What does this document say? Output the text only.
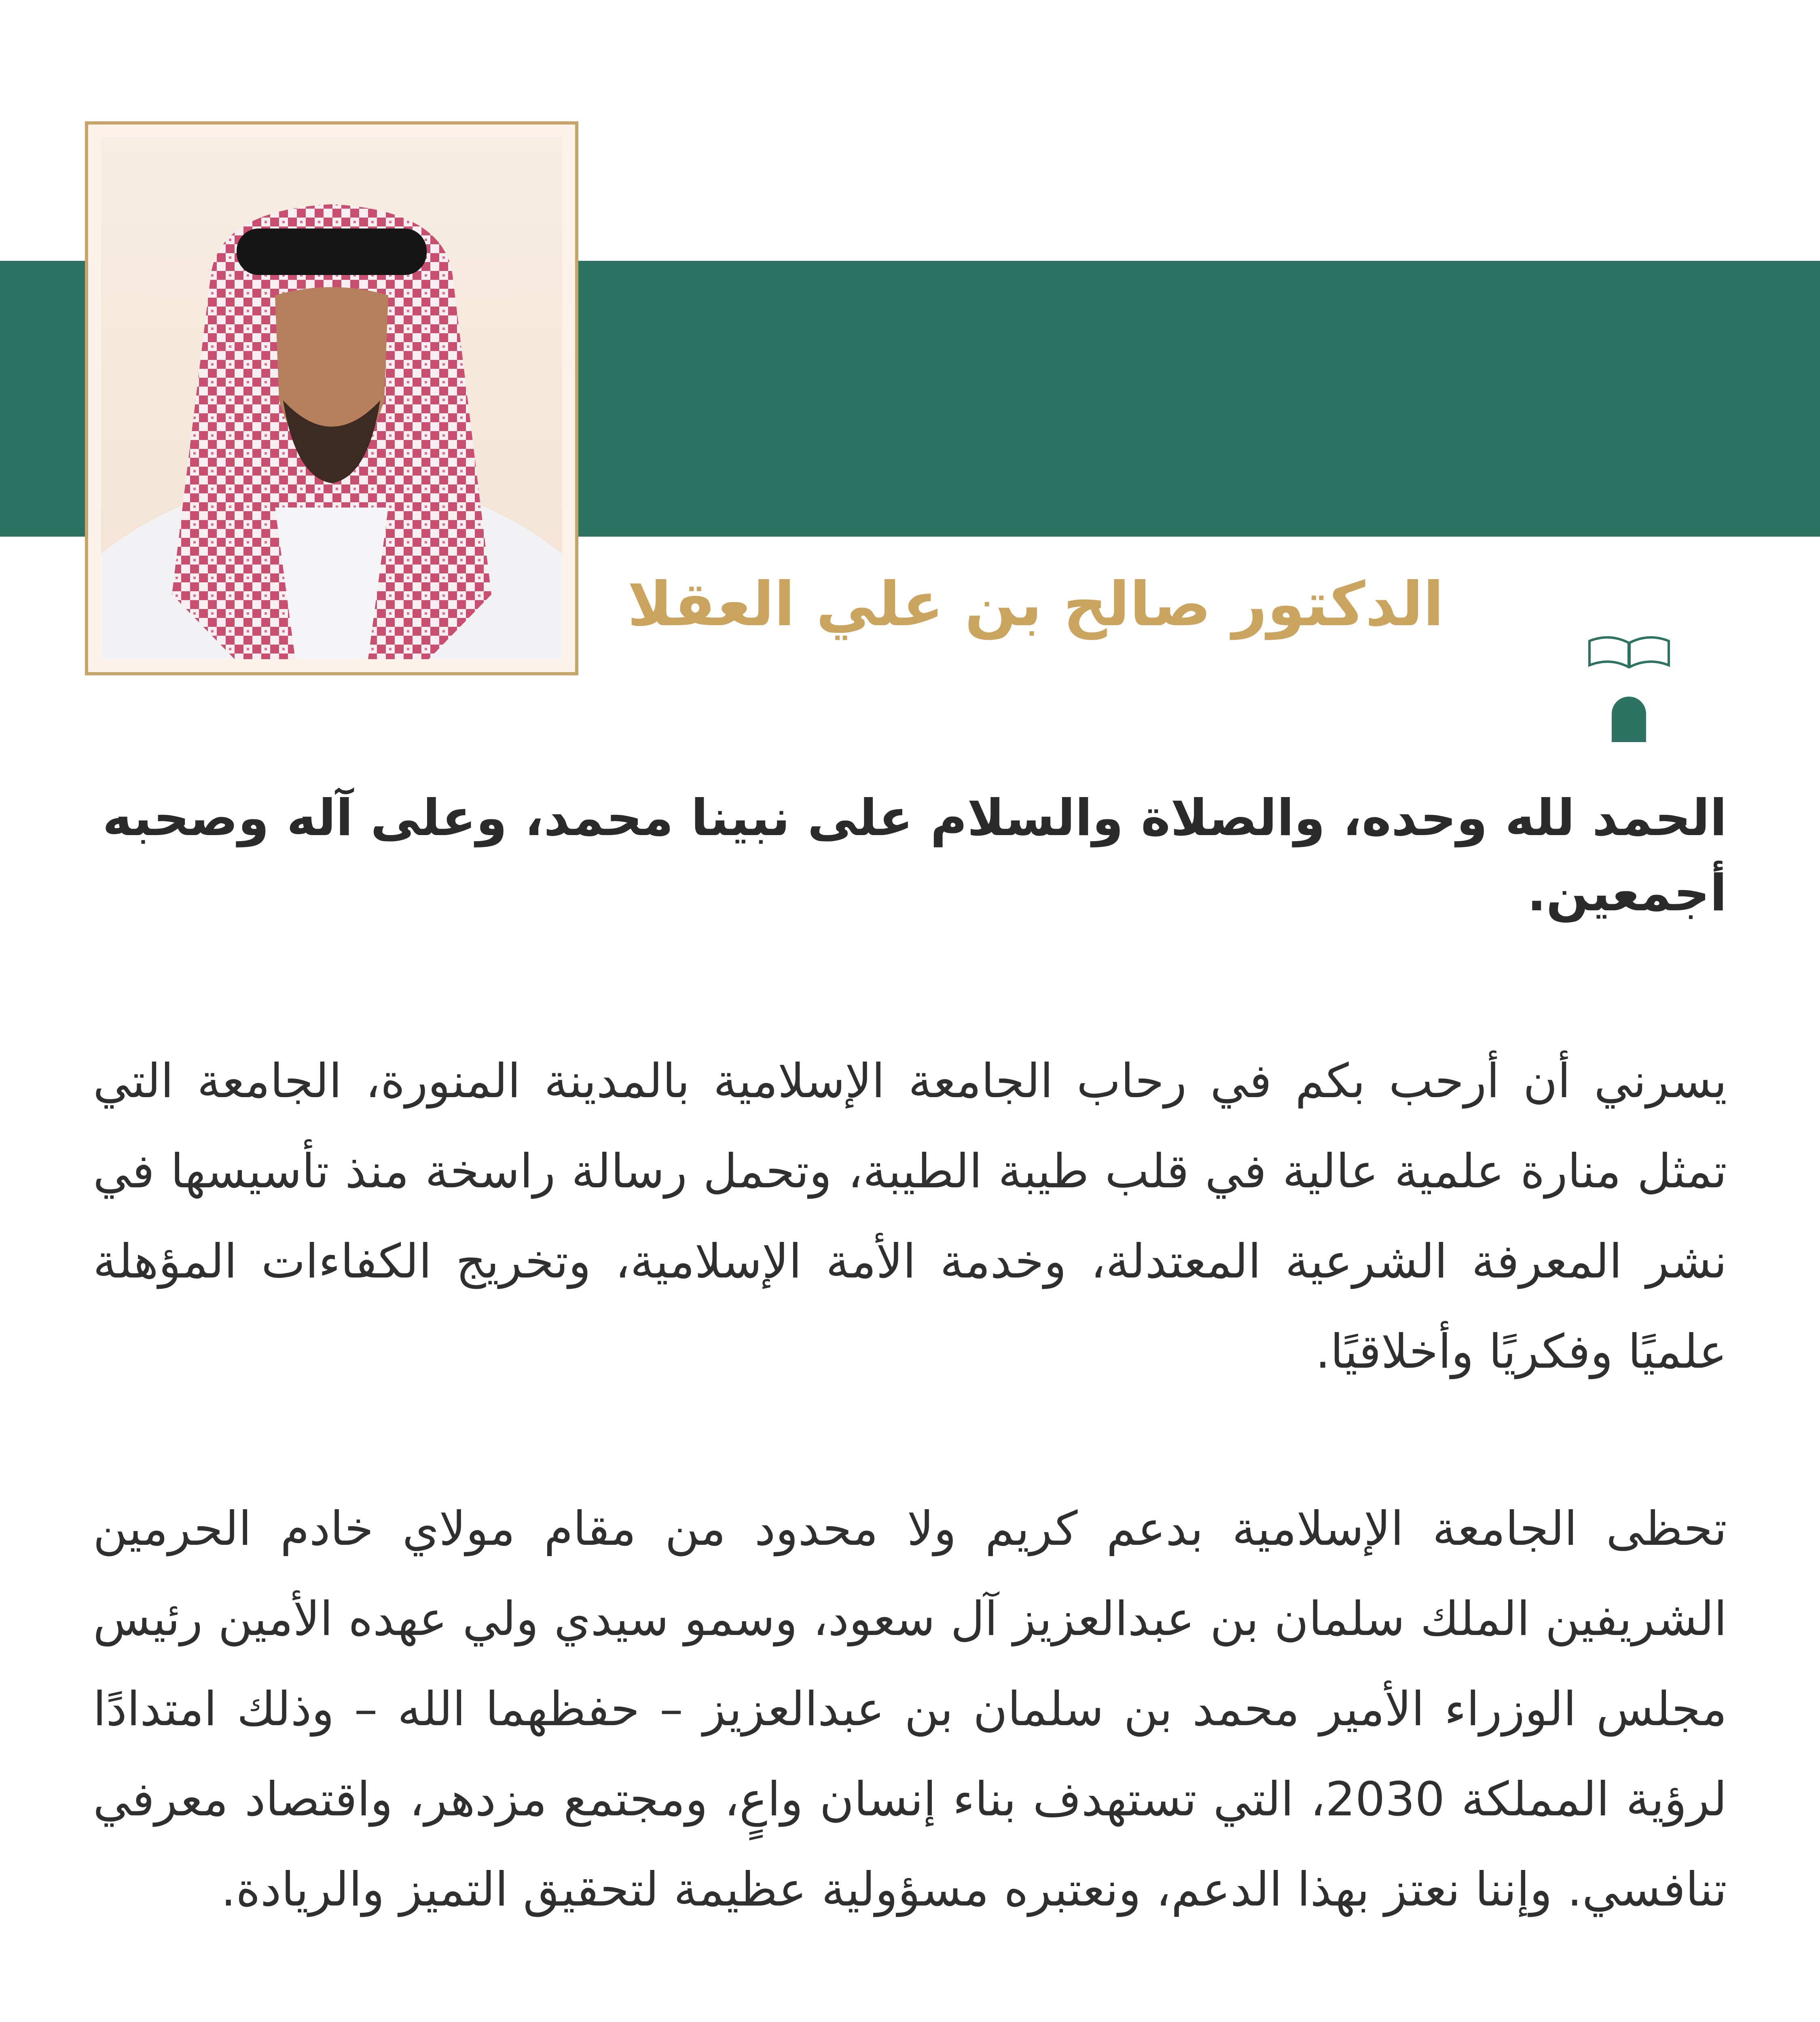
الدكتور صالح بن علي العقلا
رئيـس الجامعة الإسلاميــة بالمدينـة المنورة

الحمد لله وحده، والصلاة والسلام على نبينا محمد، وعلى آله وصحبه أجمعين.

يسرني أن أرحب بكم في رحاب الجامعة الإسلامية بالمدينة المنورة، الجامعة التي تمثل منارة علمية عالية في قلب طيبة الطيبة، وتحمل رسالة راسخة منذ تأسيسها في نشر المعرفة الشرعية المعتدلة، وخدمة الأمة الإسلامية، وتخريج الكفاءات المؤهلة علميًا وفكريًا وأخلاقيًا.

تحظى الجامعة الإسلامية بدعم كريم ولا محدود من مقام مولاي خادم الحرمين الشريفين الملك سلمان بن عبدالعزيز آل سعود، وسمو سيدي ولي عهده الأمين رئيس مجلس الوزراء الأمير محمد بن سلمان بن عبدالعزيز – حفظهما الله – وذلك امتدادًا لرؤية المملكة 2030، التي تستهدف بناء إنسان واعٍ، ومجتمع مزدهر، واقتصاد معرفي تنافسي. وإننا نعتز بهذا الدعم، ونعتبره مسؤولية عظيمة لتحقيق التميز والريادة.
